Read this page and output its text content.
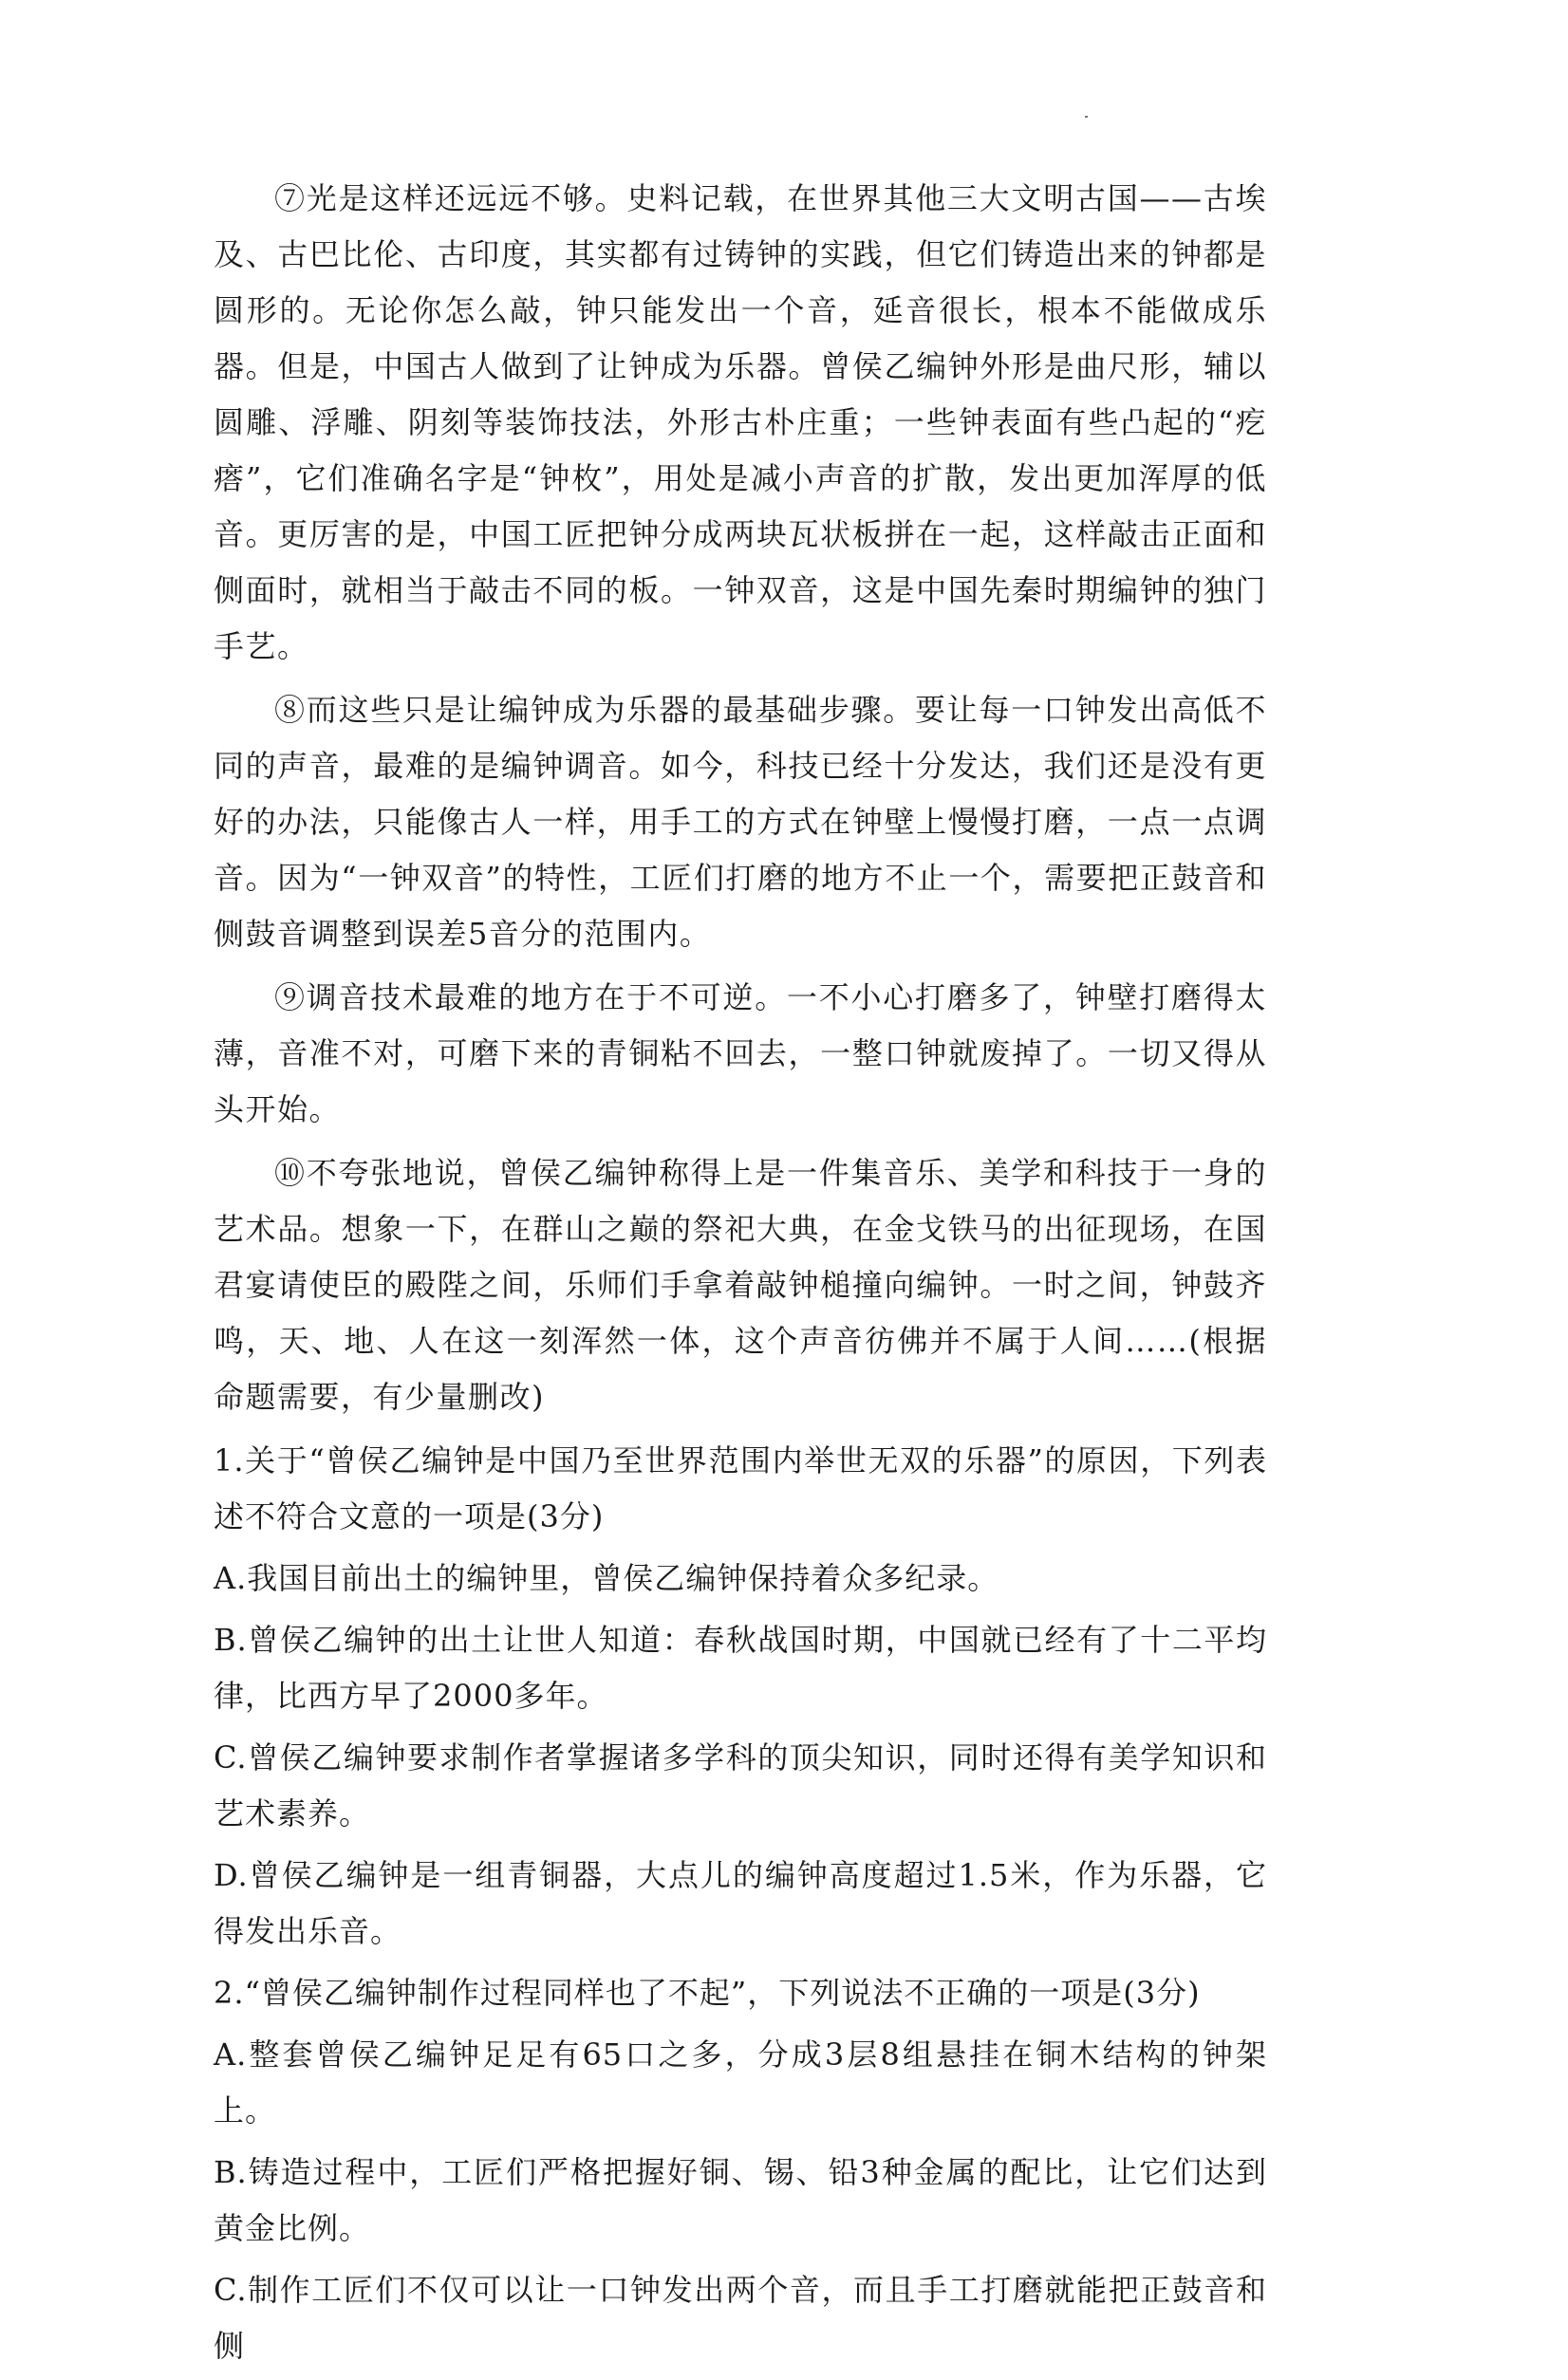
⑦光是这样还远远不够。史料记载，在世界其他三大文明古国——古埃及、古巴比伦、古印度，其实都有过铸钟的实践，但它们铸造出来的钟都是圆形的。无论你怎么敲，钟只能发出一个音，延音很长，根本不能做成乐器。但是，中国古人做到了让钟成为乐器。曾侯乙编钟外形是曲尺形，辅以圆雕、浮雕、阴刻等装饰技法，外形古朴庄重；一些钟表面有些凸起的“疙瘩”，它们准确名字是“钟枚”，用处是减小声音的扩散，发出更加浑厚的低音。更厉害的是，中国工匠把钟分成两块瓦状板拼在一起，这样敲击正面和侧面时，就相当于敲击不同的板。一钟双音，这是中国先秦时期编钟的独门手艺。

⑧而这些只是让编钟成为乐器的最基础步骤。要让每一口钟发出高低不同的声音，最难的是编钟调音。如今，科技已经十分发达，我们还是没有更好的办法，只能像古人一样，用手工的方式在钟壁上慢慢打磨，一点一点调音。因为“一钟双音”的特性，工匠们打磨的地方不止一个，需要把正鼓音和侧鼓音调整到误差5音分的范围内。

⑨调音技术最难的地方在于不可逆。一不小心打磨多了，钟壁打磨得太薄，音准不对，可磨下来的青铜粘不回去，一整口钟就废掉了。一切又得从头开始。

⑩不夸张地说，曾侯乙编钟称得上是一件集音乐、美学和科技于一身的艺术品。想象一下，在群山之巅的祭祀大典，在金戈铁马的出征现场，在国君宴请使臣的殿陛之间，乐师们手拿着敲钟槌撞向编钟。一时之间，钟鼓齐鸣，天、地、人在这一刻浑然一体，这个声音彷佛并不属于人间……(根据命题需要，有少量删改)

1.关于“曾侯乙编钟是中国乃至世界范围内举世无双的乐器”的原因，下列表述不符合文意的一项是(3分)

A.我国目前出土的编钟里，曾侯乙编钟保持着众多纪录。

B.曾侯乙编钟的出土让世人知道：春秋战国时期，中国就已经有了十二平均律，比西方早了2000多年。

C.曾侯乙编钟要求制作者掌握诸多学科的顶尖知识，同时还得有美学知识和艺术素养。

D.曾侯乙编钟是一组青铜器，大点儿的编钟高度超过1.5米，作为乐器，它得发出乐音。

2.“曾侯乙编钟制作过程同样也了不起”，下列说法不正确的一项是(3分)

A.整套曾侯乙编钟足足有65口之多，分成3层8组悬挂在铜木结构的钟架上。

B.铸造过程中，工匠们严格把握好铜、锡、铅3种金属的配比，让它们达到黄金比例。

C.制作工匠们不仅可以让一口钟发出两个音，而且手工打磨就能把正鼓音和侧
